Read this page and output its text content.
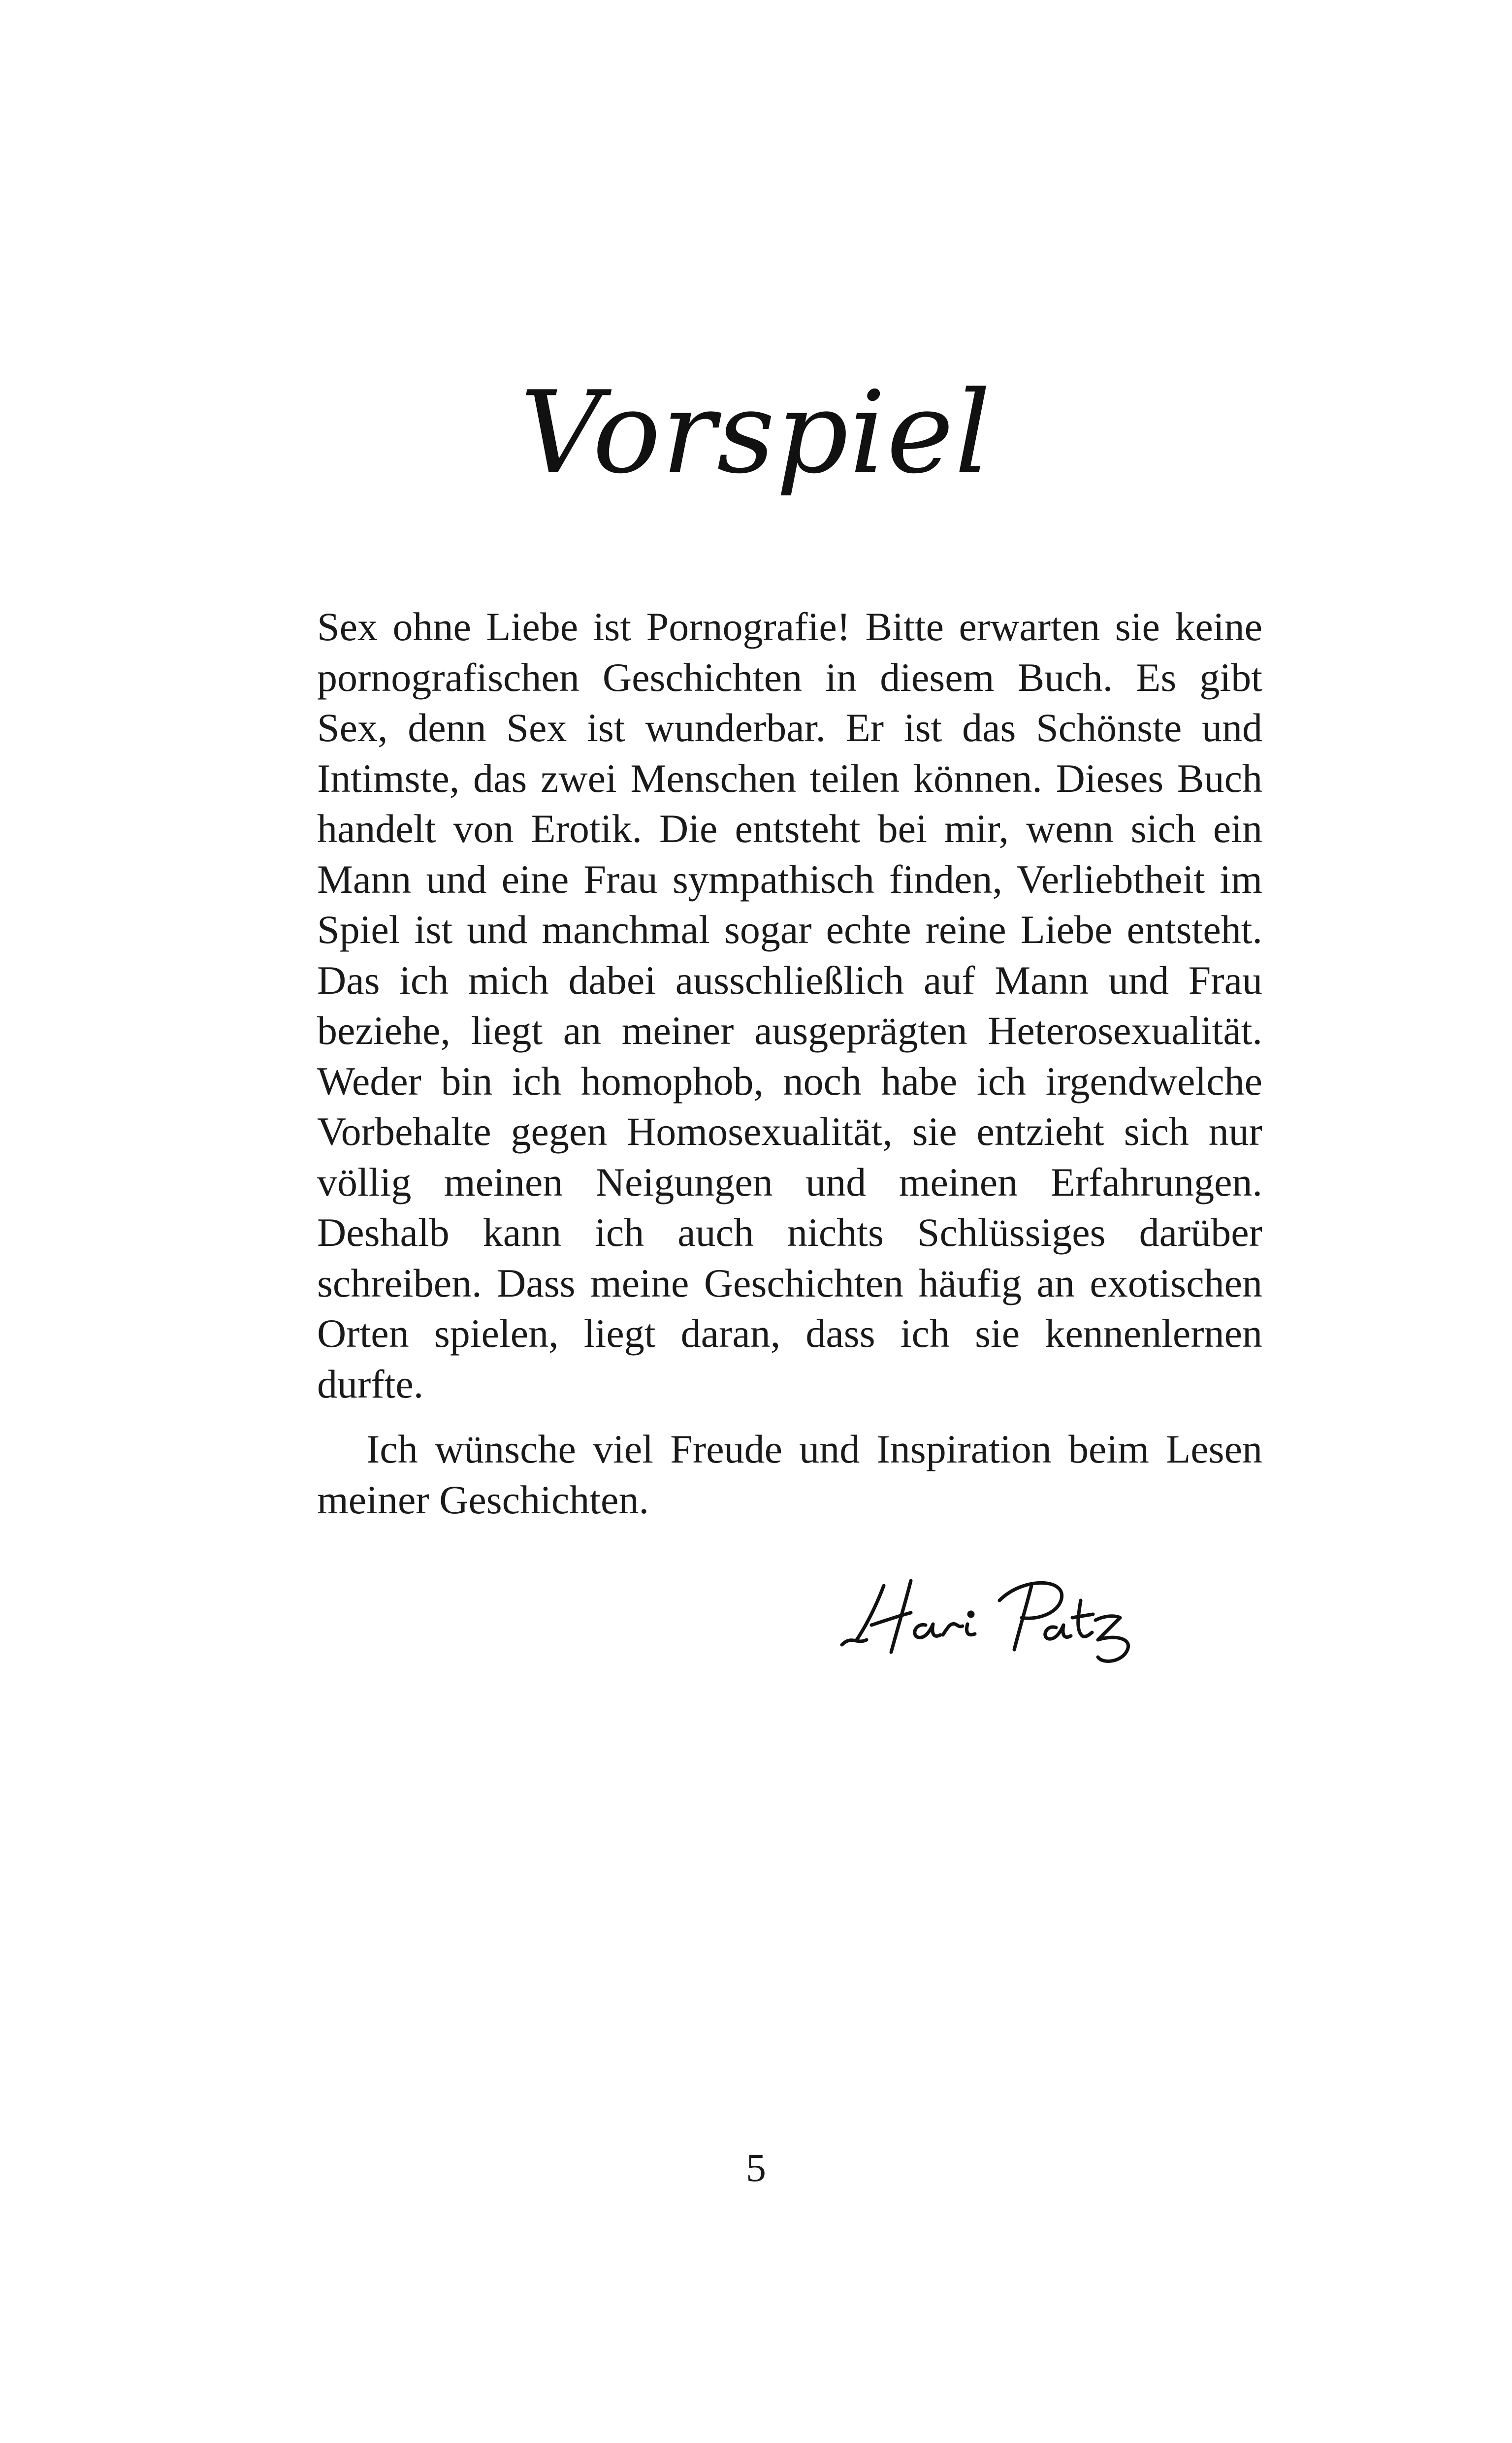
Vorspiel

Sex ohne Liebe ist Pornografie! Bitte erwarten sie keine pornografischen Geschichten in diesem Buch. Es gibt Sex, denn Sex ist wunderbar. Er ist das Schönste und Intimste, das zwei Menschen teilen können. Dieses Buch handelt von Erotik. Die entsteht bei mir, wenn sich ein Mann und eine Frau sympathisch finden, Verliebtheit im Spiel ist und manchmal sogar echte reine Liebe entsteht. Das ich mich dabei ausschließlich auf Mann und Frau beziehe, liegt an meiner ausgeprägten Heterosexualität. Weder bin ich homophob, noch habe ich irgendwelche Vorbehalte gegen Homosexualität, sie entzieht sich nur völlig meinen Neigungen und meinen Erfahrungen. Deshalb kann ich auch nichts Schlüssiges darüber schreiben. Dass meine Geschichten häufig an exotischen Orten spielen, liegt daran, dass ich sie kennenlernen durfte.

Ich wünsche viel Freude und Inspiration beim Lesen meiner Geschichten.

5
